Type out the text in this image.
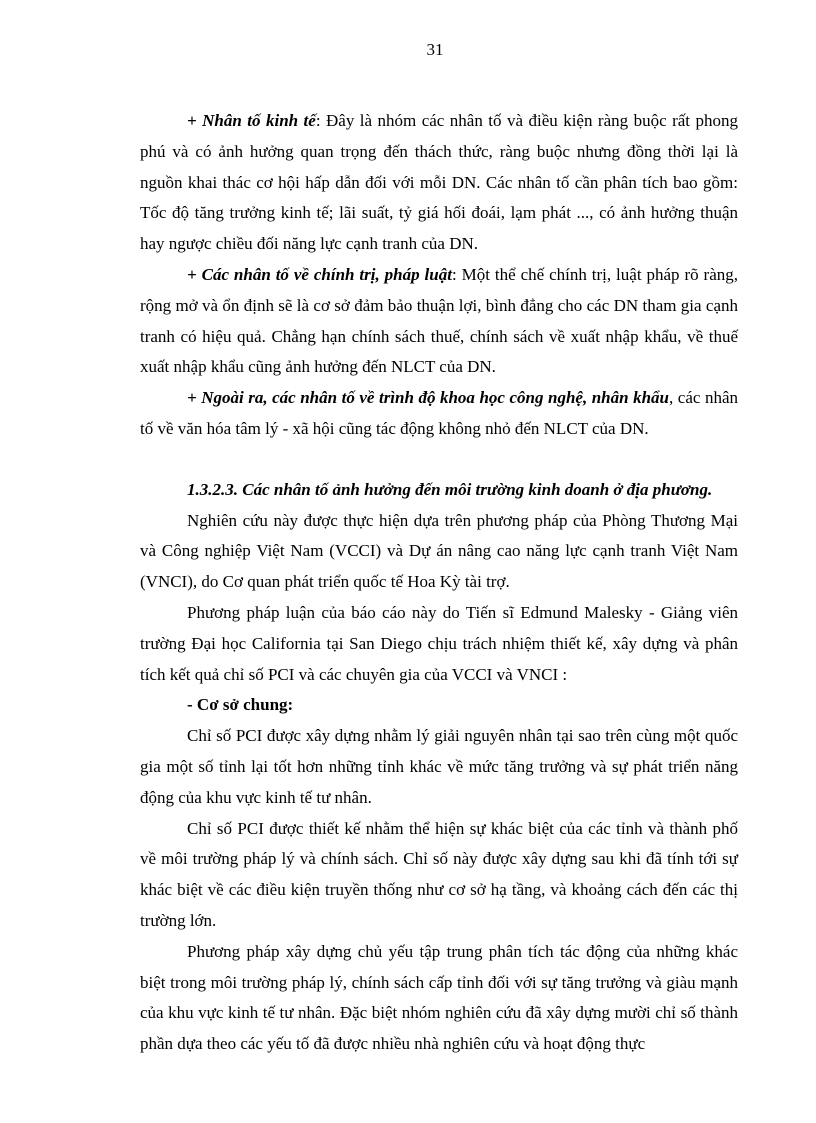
31

+ Nhân tố kinh tế: Đây là nhóm các nhân tố và điều kiện ràng buộc rất phong phú và có ảnh hưởng quan trọng đến thách thức, ràng buộc nhưng đồng thời lại là nguồn khai thác cơ hội hấp dẫn đối với mỗi DN. Các nhân tố cần phân tích bao gồm: Tốc độ tăng trưởng kinh tế; lãi suất, tỷ giá hối đoái, lạm phát ..., có ảnh hưởng thuận hay ngược chiều đối năng lực cạnh tranh của DN.

+ Các nhân tố về chính trị, pháp luật: Một thể chế chính trị, luật pháp rõ ràng, rộng mở và ổn định sẽ là cơ sở đảm bảo thuận lợi, bình đẳng cho các DN tham gia cạnh tranh có hiệu quả. Chẳng hạn chính sách thuế, chính sách về xuất nhập khẩu, về thuế xuất nhập khẩu cũng ảnh hưởng đến NLCT của DN.

+ Ngoài ra, các nhân tố về trình độ khoa học công nghệ, nhân khẩu, các nhân tố về văn hóa tâm lý - xã hội cũng tác động không nhỏ đến NLCT của DN.

1.3.2.3. Các nhân tố ảnh hưởng đến môi trường kinh doanh ở địa phương.

Nghiên cứu này được thực hiện dựa trên phương pháp của Phòng Thương Mại và Công nghiệp Việt Nam (VCCI) và Dự án nâng cao năng lực cạnh tranh Việt Nam (VNCI), do Cơ quan phát triển quốc tế Hoa Kỳ tài trợ.

Phương pháp luận của báo cáo này do Tiến sĩ Edmund Malesky - Giảng viên trường Đại học California tại San Diego chịu trách nhiệm thiết kế, xây dựng và phân tích kết quả chỉ số PCI và các chuyên gia của VCCI và VNCI :

- Cơ sở chung:

Chỉ số PCI được xây dựng nhằm lý giải nguyên nhân tại sao trên cùng một quốc gia một số tỉnh lại tốt hơn những tỉnh khác về mức tăng trưởng và sự phát triển năng động của khu vực kinh tế tư nhân.

Chỉ số PCI được thiết kế nhằm thể hiện sự khác biệt của các tỉnh và thành phố về môi trường pháp lý và chính sách. Chỉ số này được xây dựng sau khi đã tính tới sự khác biệt về các điều kiện truyền thống như cơ sở hạ tầng, và khoảng cách đến các thị trường lớn.

Phương pháp xây dựng chủ yếu tập trung phân tích tác động của những khác biệt trong môi trường pháp lý, chính sách cấp tỉnh đối với sự tăng trưởng và giàu mạnh của khu vực kinh tế tư nhân. Đặc biệt nhóm nghiên cứu đã xây dựng mười chỉ số thành phần dựa theo các yếu tố đã được nhiều nhà nghiên cứu và hoạt động thực
